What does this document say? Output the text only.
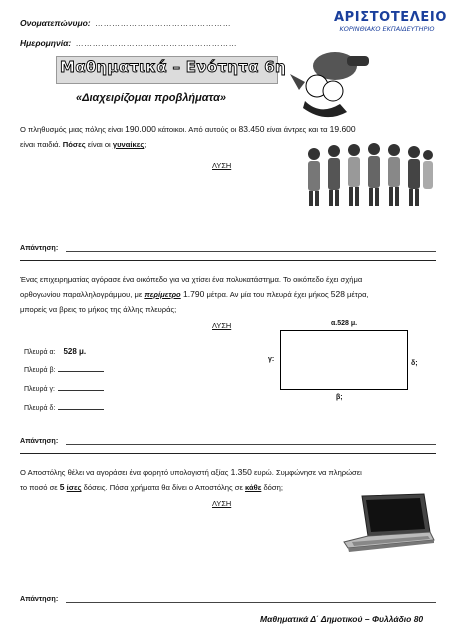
Ονοματεπώνυμο: …………………………………………
Ημερομηνία: …………………………………………………
ΑΡΙΣΤΟΤΕΛΕΙΟ
ΚΟΡΙΝΘΙΑΚΟ ΕΚΠΑΙΔΕΥΤΗΡΙΟ
Μαθηματικά – Ενότητα 6η
«Διαχειρίζομαι προβλήματα»
Ο πληθυσμός μιας πόλης είναι 190.000 κάτοικοι. Από αυτούς οι 83.450 είναι άντρες και τα 19.600
είναι παιδιά. Πόσες είναι οι γυναίκες;
ΛΥΣΗ
Απάντηση:
Ένας επιχειρηματίας αγόρασε ένα οικόπεδο για να χτίσει ένα πολυκατάστημα. Το οικόπεδο έχει σχήμα
ορθογωνίου παραλληλογράμμου, με περίμετρο 1.790 μέτρα. Αν μία του πλευρά έχει μήκος 528 μέτρα,
μπορείς να βρεις το μήκος της άλλης πλευράς;
ΛΥΣΗ
Πλευρά α: 528 μ.
Πλευρά β:
Πλευρά γ:
Πλευρά δ:
α.528 μ.
γ:
δ;
β;
Απάντηση:
Ο Αποστόλης θέλει να αγοράσει ένα φορητό υπολογιστή αξίας 1.350 ευρώ. Συμφώνησε να πληρώσει
το ποσό σε 5 ίσες δόσεις. Πόσα χρήματα θα δίνει ο Αποστόλης σε κάθε δόση;
ΛΥΣΗ
Απάντηση:
Μαθηματικά Δ΄ Δημοτικού – Φυλλάδιο 80
